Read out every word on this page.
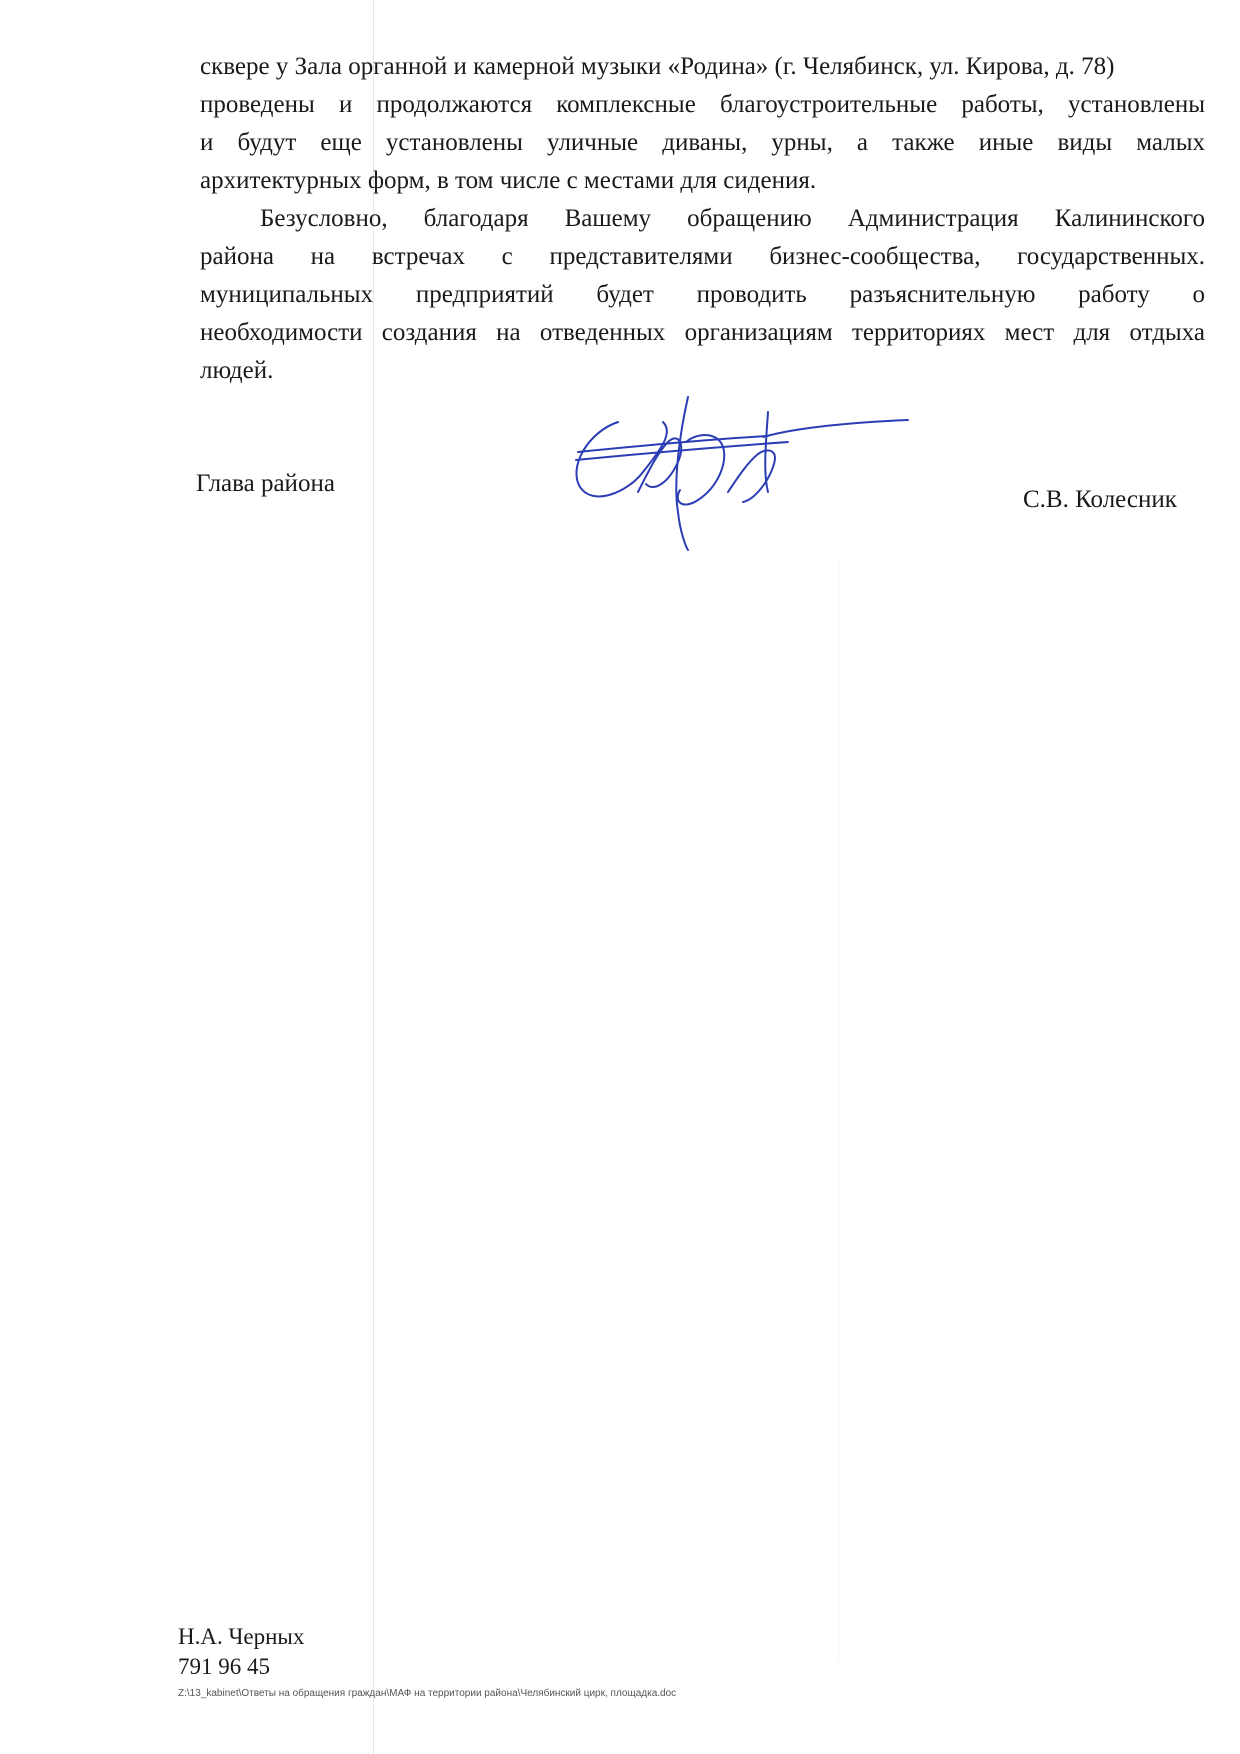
скверe у Зала органной и камерной музыки «Родина» (г. Челябинск, ул. Кирова, д. 78)
проведены и продолжаются комплексные благоустроительные работы, установлены
и будут еще установлены уличные диваны, урны, а также иные виды малых
архитектурных форм, в том числе с местами для сидения.
Безусловно, благодаря Вашему обращению Администрация Калининского
района на встречах с представителями бизнес-сообщества, государственных.
муниципальных предприятий будет проводить разъяснительную работу о
необходимости создания на отведенных организациям территориях мест для отдыха
людей.
Глава района
С.В. Колесник
Н.А. Черных
791 96 45
Z:\13_kabinet\Ответы на обращения граждан\МАФ на территории района\Челябинский цирк, площадка.doc
